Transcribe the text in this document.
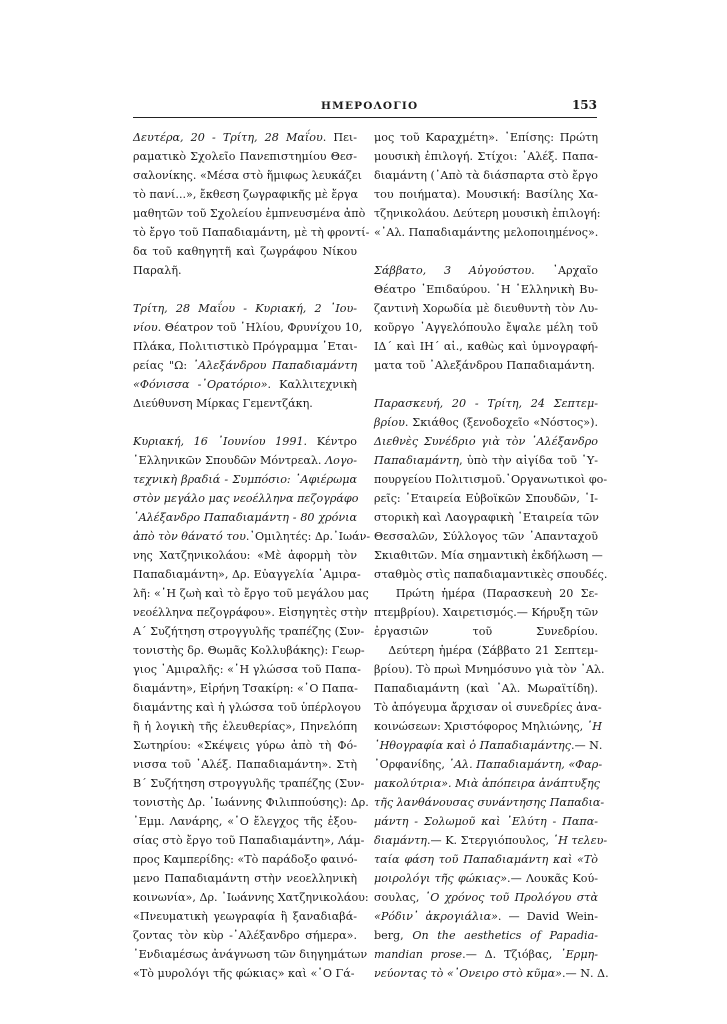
ΗΜΕΡΟΛΟΓΙΟ	153

Δευτέρα, 20 - Τρίτη, 28 Μαΐου. Πει-
ραματικὸ Σχολεῖο Πανεπιστημίου Θεσ-
σαλονίκης. «Μέσα στὸ ἥμιφως λευκάζει
τὸ πανί...», ἔκθεση ζωγραφικῆς μὲ ἔργα
μαθητῶν τοῦ Σχολείου ἐμπνευσμένα ἀπὸ
τὸ ἔργο τοῦ Παπαδιαμάντη, μὲ τὴ φροντί-
δα τοῦ καθηγητῆ καὶ ζωγράφου Νίκου
Παραλῆ.

Τρίτη, 28 Μαΐου - Κυριακή, 2 ᾿Ιου-
νίου. Θέατρον τοῦ ῾Ηλίου, Φρυνίχου 10,
Πλάκα, Πολιτιστικὸ Πρόγραμμα ῾Εται-
ρείας "Ω: ᾿Αλεξάνδρου Παπαδιαμάντη
«Φόνισσα -᾿Ορατόριο». Καλλιτεχνικὴ
Διεύθυνση Μίρκας Γεμεντζάκη.

Κυριακή, 16 ᾿Ιουνίου 1991. Κέντρο
῾Ελληνικῶν Σπουδῶν Μόντρεαλ. Λογο-
τεχνικὴ βραδιά - Συμπόσιο: ᾿Αφιέρωμα
στὸν μεγάλο μας νεοέλληνα πεζογράφο
᾿Αλέξανδρο Παπαδιαμάντη - 80 χρόνια
ἀπὸ τὸν θάνατό του.᾿Ομιλητές: Δρ.᾿Ιωάν-
νης Χατζηνικολάου: «Μὲ ἀφορμὴ τὸν
Παπαδιαμάντη», Δρ. Εὐαγγελία ᾿Αμιρα-
λῆ: «῾Η ζωὴ καὶ τὸ ἔργο τοῦ μεγάλου μας
νεοέλληνα πεζογράφου». Εἰσηγητὲς στὴν
Α΄ Συζήτηση στρογγυλῆς τραπέζης (Συν-
τονιστὴς δρ. Θωμᾶς Κολλυβάκης): Γεωρ-
γιος ᾿Αμιραλῆς: «῾Η γλώσσα τοῦ Παπα-
διαμάντη», Εἰρήνη Τσακίρη: «῾Ο Παπα-
διαμάντης καὶ ἡ γλώσσα τοῦ ὑπέρλογου
ἢ ἡ λογικὴ τῆς ἐλευθερίας», Πηνελόπη
Σωτηρίου: «Σκέψεις γύρω ἀπὸ τὴ Φό-
νισσα τοῦ ᾿Αλέξ. Παπαδιαμάντη». Στὴ
Β΄ Συζήτηση στρογγυλῆς τραπέζης (Συν-
τονιστὴς Δρ. ᾿Ιωάννης Φιλιππούσης): Δρ.
᾿Εμμ. Λανάρης, «῾Ο ἔλεγχος τῆς ἐξου-
σίας στὸ ἔργο τοῦ Παπαδιαμάντη», Λάμ-
προς Καμπερίδης: «Τὸ παράδοξο φαινό-
μενο Παπαδιαμάντη στὴν νεοελληνικὴ
κοινωνία», Δρ. ᾿Ιωάννης Χατζηνικολάου:
«Πνευματικὴ γεωγραφία ἢ ξαναδιαβά-
ζοντας τὸν κὺρ -᾿Αλέξανδρο σήμερα».
᾿Ενδιαμέσως ἀνάγνωση τῶν διηγημάτων
«Τὸ μυρολόγι τῆς φώκιας» καὶ «῾Ο Γά-

μος τοῦ Καραχμέτη». ᾿Επίσης: Πρώτη
μουσικὴ ἐπιλογή. Στίχοι: ᾿Αλέξ. Παπα-
διαμάντη (᾿Απὸ τὰ διάσπαρτα στὸ ἔργο
του ποιήματα). Μουσική: Βασίλης Χα-
τζηνικολάου. Δεύτερη μουσικὴ ἐπιλογή:
«᾿Αλ. Παπαδιαμάντης μελοποιημένος».

Σάββατο, 3 Αὐγούστου. ᾿Αρχαῖο
Θέατρο ᾿Επιδαύρου. ῾Η ῾Ελληνικὴ Βυ-
ζαντινὴ Χορωδία μὲ διευθυντὴ τὸν Λυ-
κοῦργο ᾿Αγγελόπουλο ἔψαλε μέλη τοῦ
ΙΔ΄ καὶ ΙΗ΄ αἰ., καθὼς καὶ ὑμνογραφή-
ματα τοῦ ᾿Αλεξάνδρου Παπαδιαμάντη.

Παρασκευή, 20 - Τρίτη, 24 Σεπτεμ-
βρίου. Σκιάθος (ξενοδοχεῖο «Νόστος»).
Διεθνὲς Συνέδριο γιὰ τὸν ᾿Αλέξανδρο
Παπαδιαμάντη, ὑπὸ τὴν αἰγίδα τοῦ ῾Υ-
πουργείου Πολιτισμοῦ.᾿Οργανωτικοὶ φο-
ρεῖς: ῾Εταιρεία Εὐβοϊκῶν Σπουδῶν, ῾Ι-
στορικὴ καὶ Λαογραφικὴ ῾Εταιρεία τῶν
Θεσσαλῶν, Σύλλογος τῶν ᾿Απανταχοῦ
Σκιαθιτῶν. Μία σημαντικὴ ἐκδήλωση —
σταθμὸς στὶς παπαδιαμαντικὲς σπουδές.
Πρώτη ἡμέρα (Παρασκευὴ 20 Σε-
πτεμβρίου). Χαιρετισμός.— Κήρυξη τῶν
ἐργασιῶν τοῦ Συνεδρίου.
Δεύτερη ἡμέρα (Σάββατο 21 Σεπτεμ-
βρίου). Τὸ πρωὶ Μνημόσυνο γιὰ τὸν ᾿Αλ.
Παπαδιαμάντη (καὶ ᾿Αλ. Μωραϊτίδη).
Τὸ ἀπόγευμα ἄρχισαν οἱ συνεδρίες ἀνα-
κοινώσεων: Χριστόφορος Μηλιώνης, ῾Η
῾Ηθογραφία καὶ ὁ Παπαδιαμάντης.— Ν.
᾿Ορφανίδης, ᾿Αλ. Παπαδιαμάντη, «Φαρ-
μακολύτρια». Μιὰ ἀπόπειρα ἀνάπτυξης
τῆς λανθάνουσας συνάντησης Παπαδια-
μάντη - Σολωμοῦ καὶ ᾿Ελύτη - Παπα-
διαμάντη.— Κ. Στεργιόπουλος, ῾Η τελευ-
ταία φάση τοῦ Παπαδιαμάντη καὶ «Τὸ
μοιρολόγι τῆς φώκιας».— Λουκᾶς Κού-
σουλας, ῾Ο χρόνος τοῦ Προλόγου στὰ
«Ρόδιν᾿ ἀκρογιάλια». — David Wein-
berg, On the aesthetics of Papadia-
mandian prose.— Δ. Τζιόβας, ᾿Ερμη-
νεύοντας τὸ «᾿Ονειρο στὸ κῦμα».— Ν. Δ.
